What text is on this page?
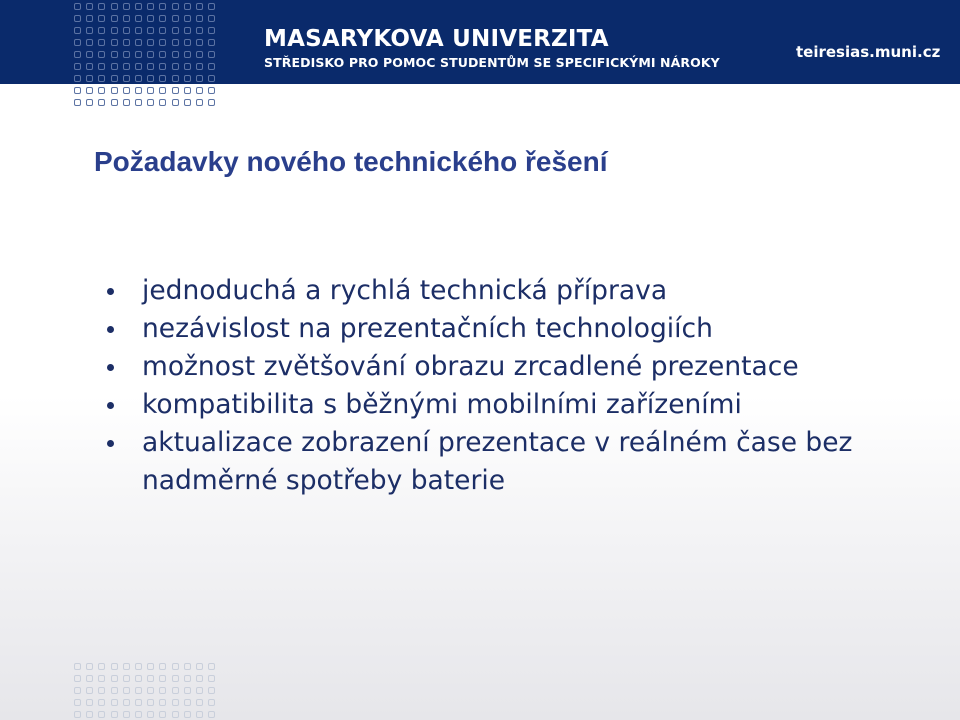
MASARYKOVA UNIVERZITA
STŘEDISKO PRO POMOC STUDENTŮM SE SPECIFICKÝMI NÁROKY
teiresias.muni.cz
Požadavky nového technického řešení
jednoduchá a rychlá technická příprava
nezávislost na prezentačních technologiích
možnost zvětšování obrazu zrcadlené prezentace
kompatibilita s běžnými mobilními zařízeními
aktualizace zobrazení prezentace v reálném čase bez nadměrné spotřeby baterie
